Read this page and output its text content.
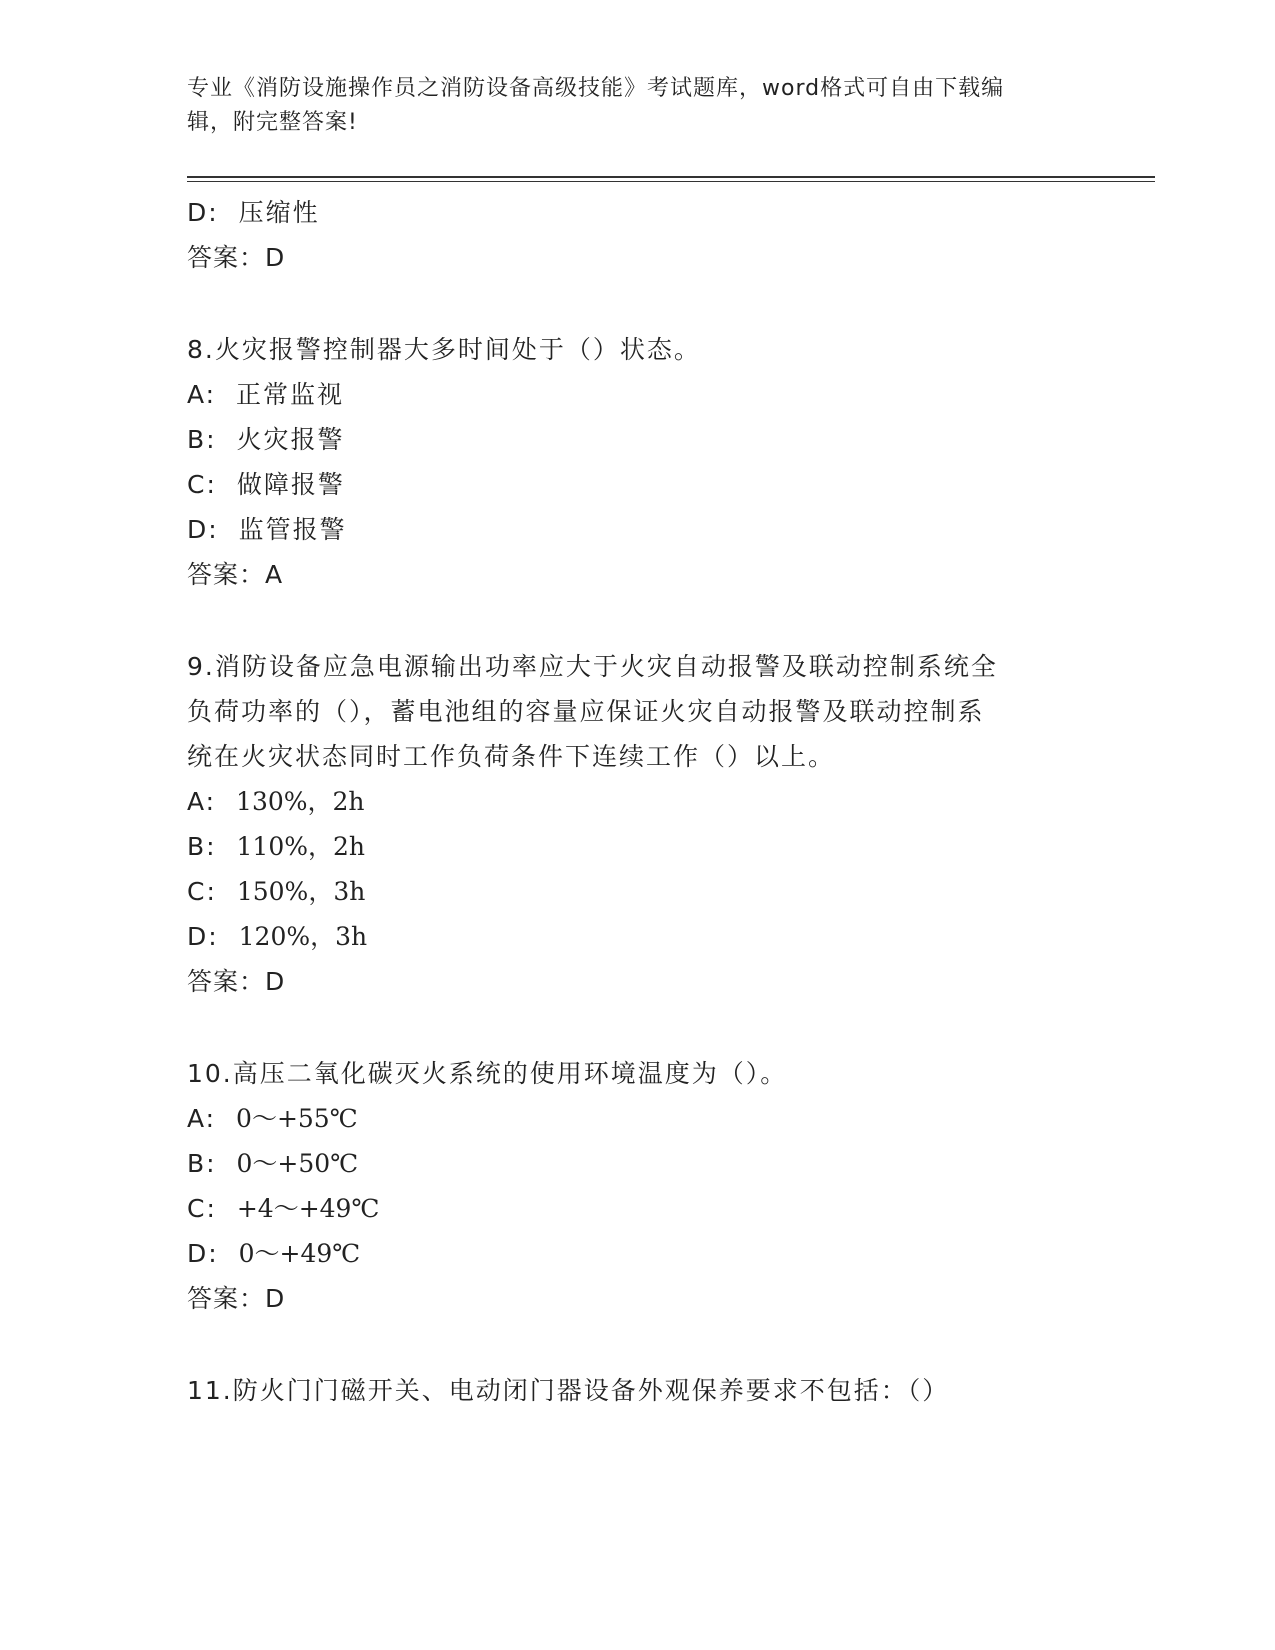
专业《消防设施操作员之消防设备高级技能》考试题库，word格式可自由下载编
辑，附完整答案!
D: 压缩性
答案：D
8.火灾报警控制器大多时间处于（）状态。
A: 正常监视
B: 火灾报警
C: 做障报警
D: 监管报警
答案：A
9.消防设备应急电源输出功率应大于火灾自动报警及联动控制系统全
负荷功率的（），蓄电池组的容量应保证火灾自动报警及联动控制系
统在火灾状态同时工作负荷条件下连续工作（）以上。
A: 130%，2h
B: 110%，2h
C: 150%，3h
D: 120%，3h
答案：D
10.高压二氧化碳灭火系统的使用环境温度为（）。
A: 0～+55℃
B: 0～+50℃
C: +4～+49℃
D: 0～+49℃
答案：D
11.防火门门磁开关、电动闭门器设备外观保养要求不包括：（）
